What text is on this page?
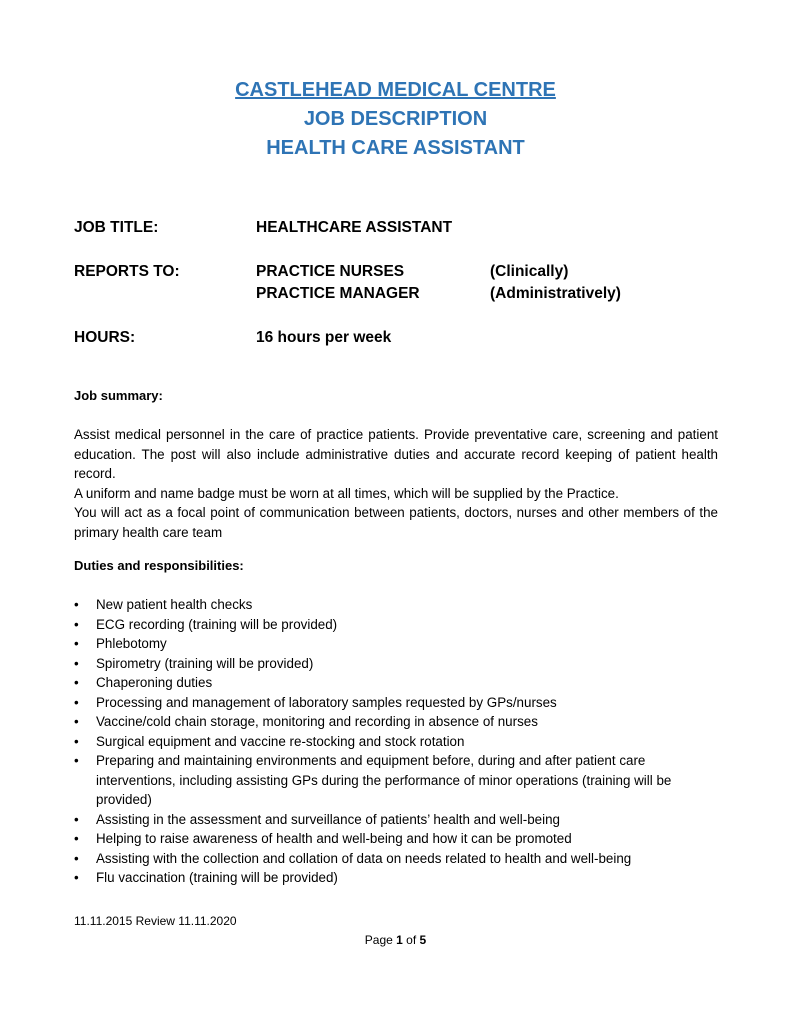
CASTLEHEAD MEDICAL CENTRE
JOB DESCRIPTION
HEALTH CARE ASSISTANT
JOB TITLE:	HEALTHCARE ASSISTANT
REPORTS TO:	PRACTICE NURSES	(Clinically)
PRACTICE MANAGER	(Administratively)
HOURS:	16 hours per week
Job summary:

Assist medical personnel in the care of practice patients. Provide preventative care, screening and patient education. The post will also include administrative duties and accurate record keeping of patient health record.

A uniform and name badge must be worn at all times, which will be supplied by the Practice.

You will act as a focal point of communication between patients, doctors, nurses and other members of the primary health care team

Duties and responsibilities:
•	New patient health checks
•	ECG recording (training will be provided)
•	Phlebotomy
•	Spirometry (training will be provided)
•	Chaperoning duties
•	Processing and management of laboratory samples requested by GPs/nurses
•	Vaccine/cold chain storage, monitoring and recording in absence of nurses
•	Surgical equipment and vaccine re-stocking and stock rotation
•	Preparing and maintaining environments and equipment before, during and after patient care interventions, including assisting GPs during the performance of minor operations (training will be provided)
•	Assisting in the assessment and surveillance of patients’ health and well-being
•	Helping to raise awareness of health and well-being and how it can be promoted
•	Assisting with the collection and collation of data on needs related to health and well-being
•	Flu vaccination (training will be provided)
11.11.2015 Review 11.11.2020
Page 1 of 5
